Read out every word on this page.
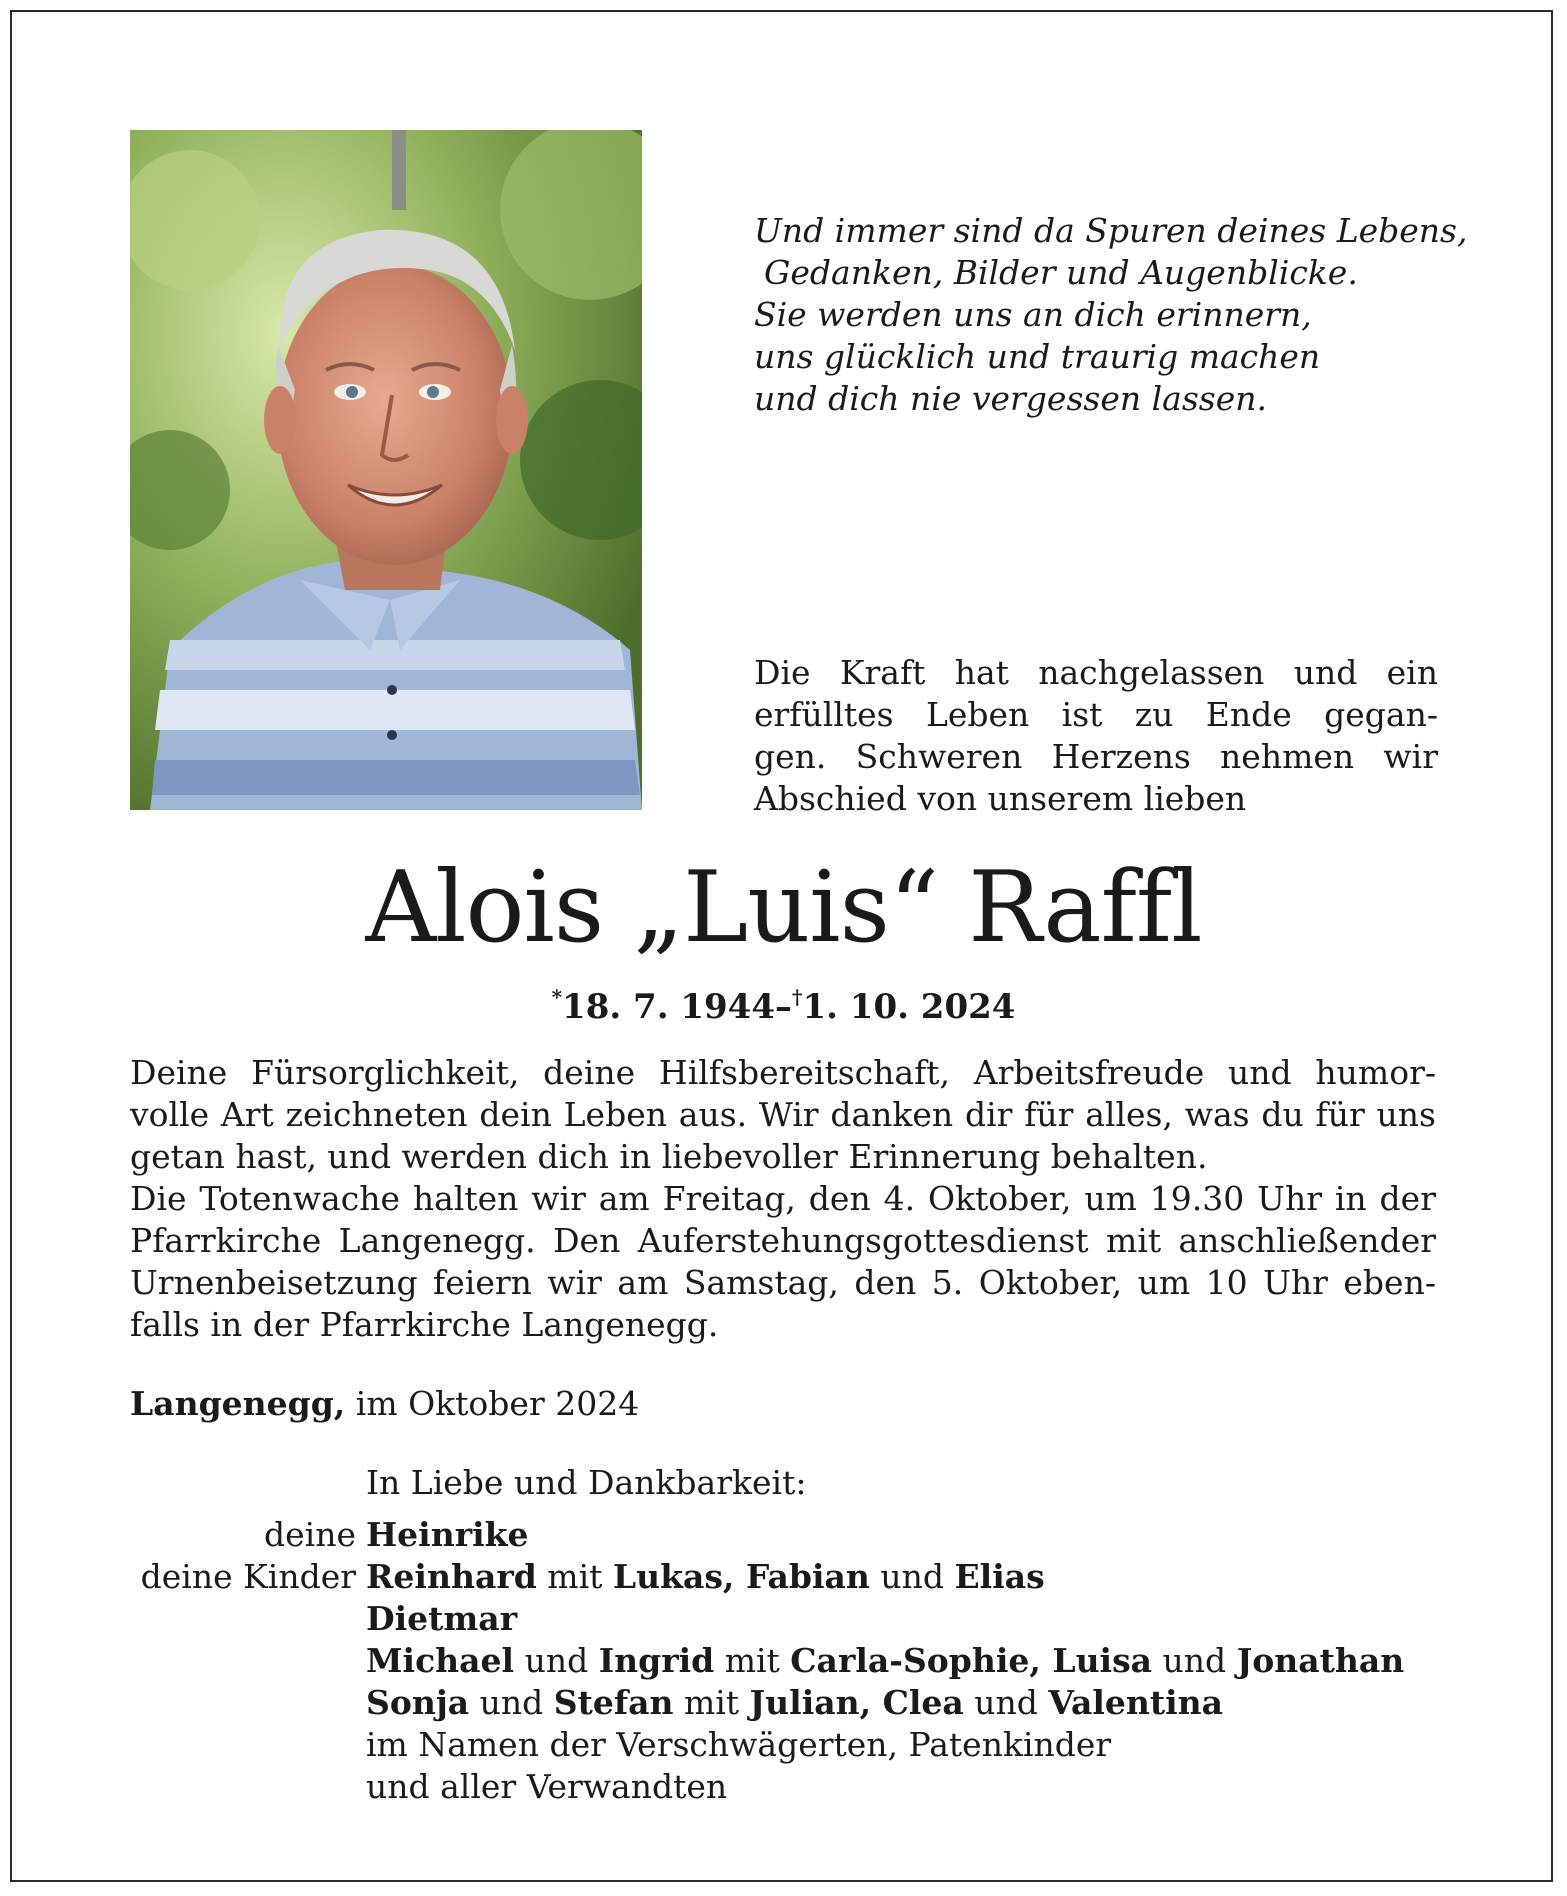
Und immer sind da Spuren deines Lebens,
Gedanken, Bilder und Augenblicke.
Sie werden uns an dich erinnern,
uns glücklich und traurig machen
und dich nie vergessen lassen.
Die Kraft hat nachgelassen und ein
erfülltes Leben ist zu Ende gegan-
gen. Schweren Herzens nehmen wir
Abschied von unserem lieben
Alois „Luis“ Raffl
*18. 7. 1944–†1. 10. 2024
Deine Fürsorglichkeit, deine Hilfsbereitschaft, Arbeitsfreude und humor-
volle Art zeichneten dein Leben aus. Wir danken dir für alles, was du für uns
getan hast, und werden dich in liebevoller Erinnerung behalten.
Die Totenwache halten wir am Freitag, den 4. Oktober, um 19.30 Uhr in der
Pfarrkirche Langenegg. Den Auferstehungsgottesdienst mit anschließender
Urnenbeisetzung feiern wir am Samstag, den 5. Oktober, um 10 Uhr eben-
falls in der Pfarrkirche Langenegg.
Langenegg, im Oktober 2024
In Liebe und Dankbarkeit:
deine Heinrike
deine Kinder Reinhard mit Lukas, Fabian und Elias
Dietmar
Michael und Ingrid mit Carla-Sophie, Luisa und Jonathan
Sonja und Stefan mit Julian, Clea und Valentina
im Namen der Verschwägerten, Patenkinder
und aller Verwandten
